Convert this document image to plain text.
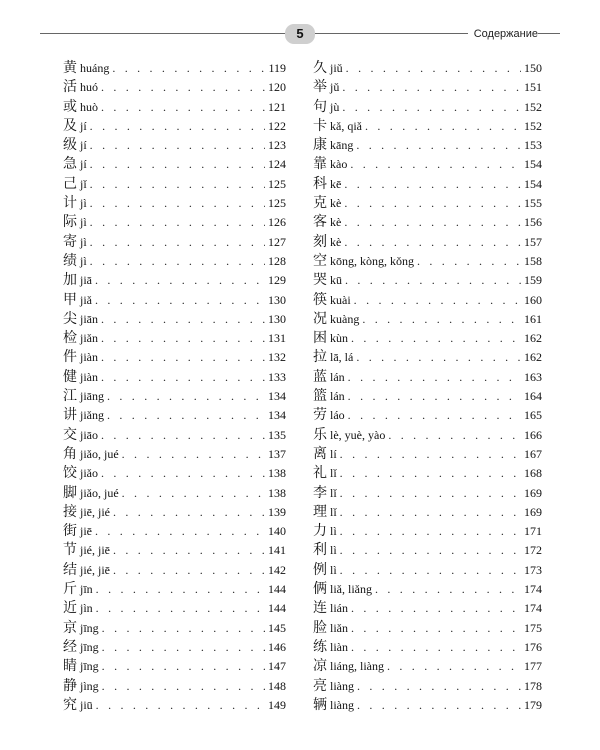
5	Содержание
黄 huáng . . .	119
活 huó . . .	120
或 huò . . .	121
及 jí . . .	122
级 jí . . .	123
急 jí . . .	124
己 jǐ . . .	125
计 jì . . .	125
际 jì . . .	126
寄 jì . . .	127
绩 jì . . .	128
加 jiā . . .	129
甲 jiǎ . . .	130
尖 jiān . . .	130
检 jiǎn . . .	131
件 jiàn . . .	132
健 jiàn . . .	133
江 jiāng . . .	134
讲 jiǎng . . .	134
交 jiāo . . .	135
角 jiǎo, jué . . .	137
饺 jiǎo . . .	138
脚 jiǎo, jué . . .	138
接 jiē, jié . . .	139
街 jiē . . .	140
节 jié, jiē . . .	141
结 jié, jiē . . .	142
斤 jīn . . .	144
近 jìn . . .	144
京 jīng . . .	145
经 jīng . . .	146
睛 jīng . . .	147
静 jìng . . .	148
究 jiū . . .	149
久 jiǔ . . .	150
举 jǔ . . .	151
句 jù . . .	152
卡 kǎ, qiǎ . . .	152
康 kāng . . .	153
靠 kào . . .	154
科 kē . . .	154
克 kè . . .	155
客 kè . . .	156
刻 kè . . .	157
空 kōng, kòng, kǒng . . .	158
哭 kū . . .	159
筷 kuài . . .	160
况 kuàng . . .	161
困 kùn . . .	162
拉 lā, lá . . .	162
蓝 lán . . .	163
篮 lán . . .	164
劳 láo . . .	165
乐 lè, yuè, yào . . .	166
离 lí . . .	167
礼 lǐ . . .	168
李 lǐ . . .	169
理 lǐ . . .	169
力 lì . . .	171
利 lì . . .	172
例 lì . . .	173
俩 liǎ, liǎng . . .	174
连 lián . . .	174
脸 liǎn . . .	175
练 liàn . . .	176
凉 liáng, liàng . . .	177
亮 liàng . . .	178
辆 liàng . . .	179
